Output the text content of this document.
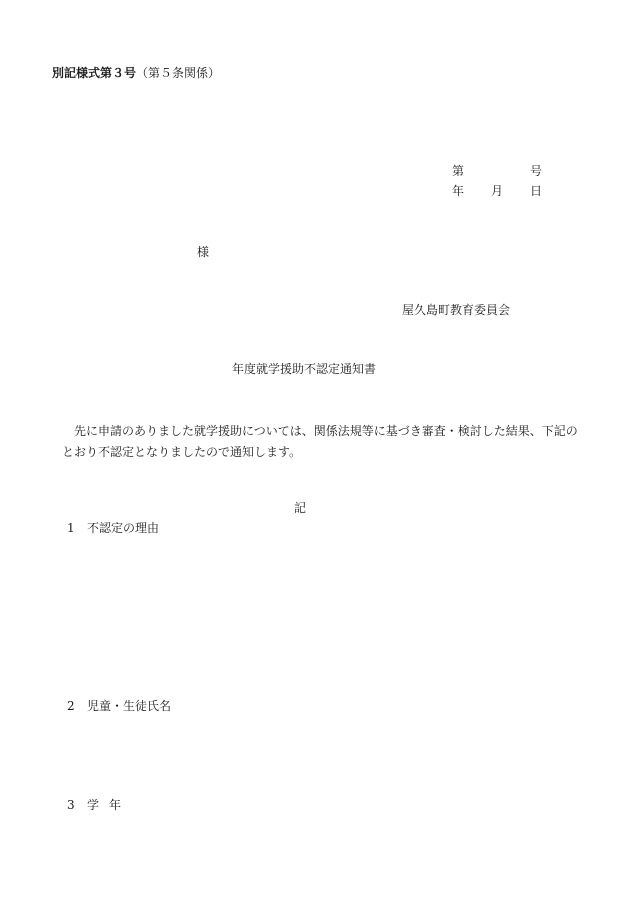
別記様式第３号（第５条関係）
第	号
年 月 日
様
屋久島町教育委員会
年度就学援助不認定通知書
先に申請のありました就学援助については、関係法規等に基づき審査・検討した結果、下記のとおり不認定となりましたので通知します。
記
1 不認定の理由
2 児童・生徒氏名
3 学年
